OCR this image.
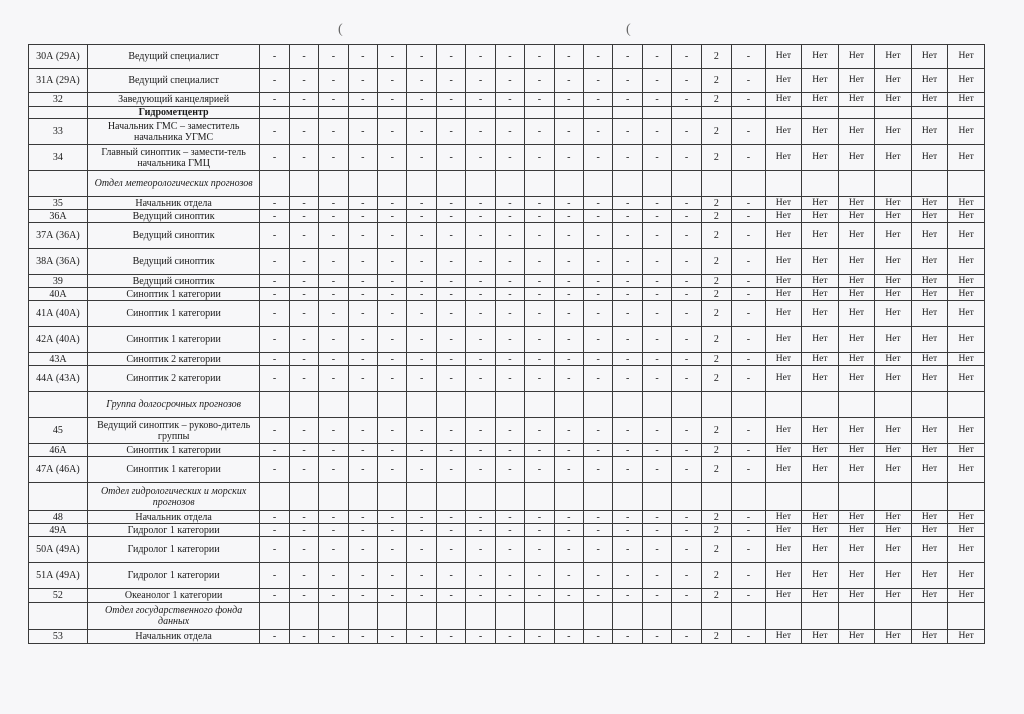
(	(
30А (29А)	Ведущий специалист	-	-	-	-	-	-	-	-	-	-	-	-	-	-	-	2	-	Нет	Нет	Нет	Нет	Нет	Нет
31А (29А)	Ведущий специалист	-	-	-	-	-	-	-	-	-	-	-	-	-	-	-	2	-	Нет	Нет	Нет	Нет	Нет	Нет
32	Заведующий канцелярией	-	-	-	-	-	-	-	-	-	-	-	-	-	-	-	2	-	Нет	Нет	Нет	Нет	Нет	Нет
	Гидрометцентр																							
33	Начальник ГМС – заместитель начальника УГМС	-	-	-	-	-	-	-	-	-	-	-	-	-	-	-	2	-	Нет	Нет	Нет	Нет	Нет	Нет
34	Главный синоптик – замести-тель начальника ГМЦ	-	-	-	-	-	-	-	-	-	-	-	-	-	-	-	2	-	Нет	Нет	Нет	Нет	Нет	Нет
	Отдел метеорологических прогнозов																							
35	Начальник отдела	-	-	-	-	-	-	-	-	-	-	-	-	-	-	-	2	-	Нет	Нет	Нет	Нет	Нет	Нет
36А	Ведущий синоптик	-	-	-	-	-	-	-	-	-	-	-	-	-	-	-	2	-	Нет	Нет	Нет	Нет	Нет	Нет
37А (36А)	Ведущий синоптик	-	-	-	-	-	-	-	-	-	-	-	-	-	-	-	2	-	Нет	Нет	Нет	Нет	Нет	Нет
38А (36А)	Ведущий синоптик	-	-	-	-	-	-	-	-	-	-	-	-	-	-	-	2	-	Нет	Нет	Нет	Нет	Нет	Нет
39	Ведущий синоптик	-	-	-	-	-	-	-	-	-	-	-	-	-	-	-	2	-	Нет	Нет	Нет	Нет	Нет	Нет
40А	Синоптик 1 категории	-	-	-	-	-	-	-	-	-	-	-	-	-	-	-	2	-	Нет	Нет	Нет	Нет	Нет	Нет
41А (40А)	Синоптик 1 категории	-	-	-	-	-	-	-	-	-	-	-	-	-	-	-	2	-	Нет	Нет	Нет	Нет	Нет	Нет
42А (40А)	Синоптик 1 категории	-	-	-	-	-	-	-	-	-	-	-	-	-	-	-	2	-	Нет	Нет	Нет	Нет	Нет	Нет
43А	Синоптик 2 категории	-	-	-	-	-	-	-	-	-	-	-	-	-	-	-	2	-	Нет	Нет	Нет	Нет	Нет	Нет
44А (43А)	Синоптик 2 категории	-	-	-	-	-	-	-	-	-	-	-	-	-	-	-	2	-	Нет	Нет	Нет	Нет	Нет	Нет
	Группа долгосрочных прогнозов																							
45	Ведущий синоптик – руково-дитель группы	-	-	-	-	-	-	-	-	-	-	-	-	-	-	-	2	-	Нет	Нет	Нет	Нет	Нет	Нет
46А	Синоптик 1 категории	-	-	-	-	-	-	-	-	-	-	-	-	-	-	-	2	-	Нет	Нет	Нет	Нет	Нет	Нет
47А (46А)	Синоптик 1 категории	-	-	-	-	-	-	-	-	-	-	-	-	-	-	-	2	-	Нет	Нет	Нет	Нет	Нет	Нет
	Отдел гидрологических и морских прогнозов																							
48	Начальник отдела	-	-	-	-	-	-	-	-	-	-	-	-	-	-	-	2	-	Нет	Нет	Нет	Нет	Нет	Нет
49А	Гидролог 1 категории	-	-	-	-	-	-	-	-	-	-	-	-	-	-	-	2	-	Нет	Нет	Нет	Нет	Нет	Нет
50А (49А)	Гидролог 1 категории	-	-	-	-	-	-	-	-	-	-	-	-	-	-	-	2	-	Нет	Нет	Нет	Нет	Нет	Нет
51А (49А)	Гидролог 1 категории	-	-	-	-	-	-	-	-	-	-	-	-	-	-	-	2	-	Нет	Нет	Нет	Нет	Нет	Нет
52	Океанолог 1 категории	-	-	-	-	-	-	-	-	-	-	-	-	-	-	-	2	-	Нет	Нет	Нет	Нет	Нет	Нет
	Отдел государственного фонда данных																							
53	Начальник отдела	-	-	-	-	-	-	-	-	-	-	-	-	-	-	-	2	-	Нет	Нет	Нет	Нет	Нет	Нет
